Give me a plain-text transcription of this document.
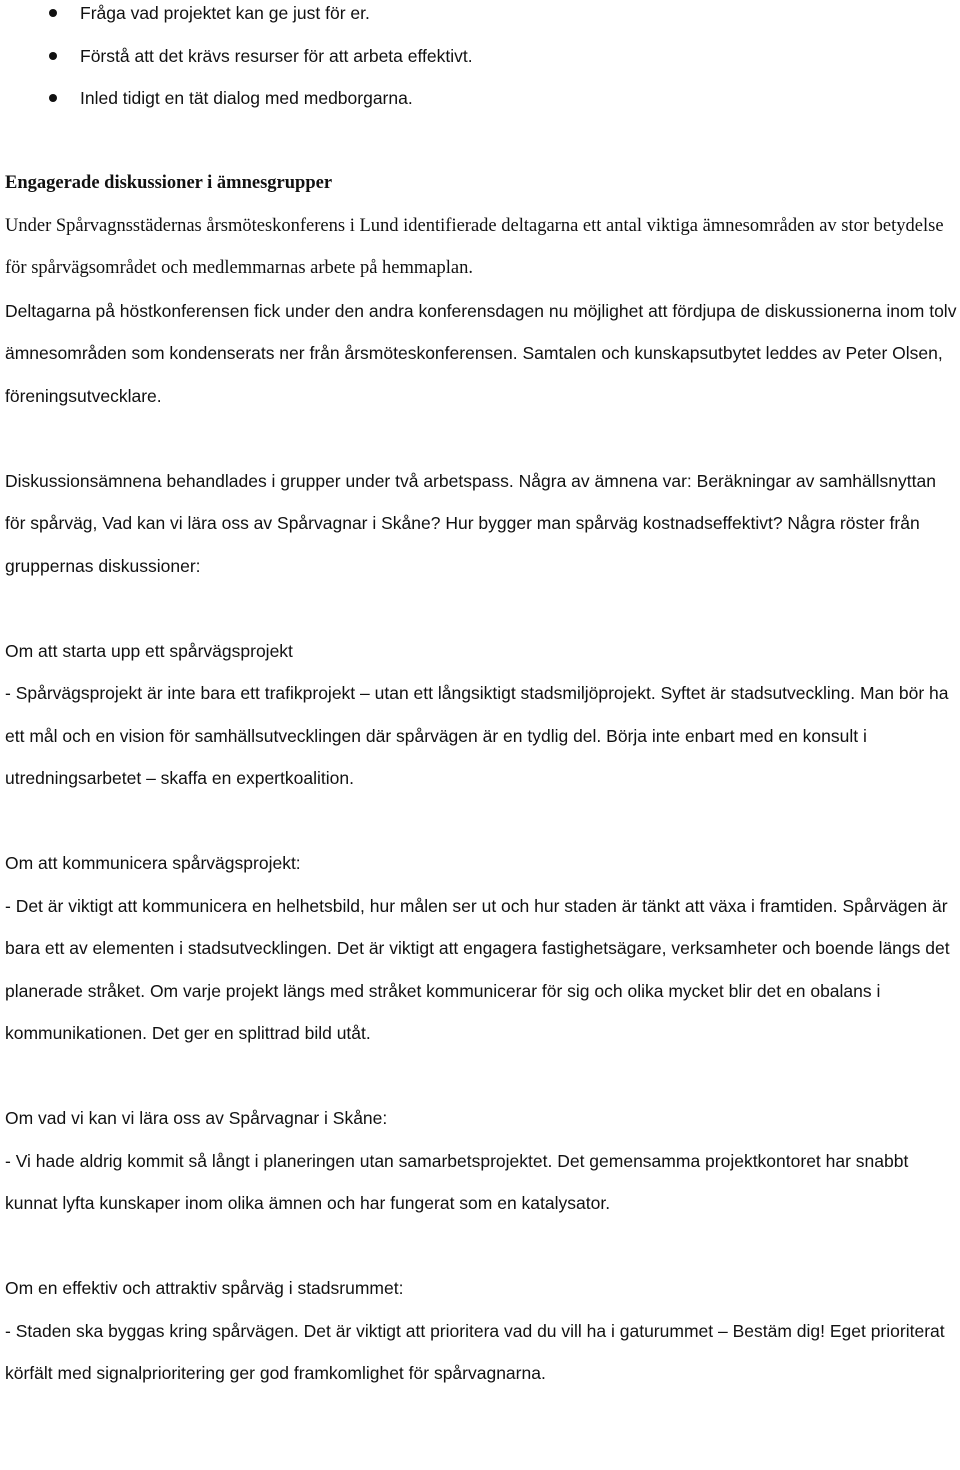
Fråga vad projektet kan ge just för er.
Förstå att det krävs resurser för att arbeta effektivt.
Inled tidigt en tät dialog med medborgarna.

Engagerade diskussioner i ämnesgrupper

Under Spårvagnsstädernas årsmöteskonferens i Lund identifierade deltagarna ett antal viktiga ämnesområden av stor betydelse för spårvägsområdet och medlemmarnas arbete på hemmaplan.

Deltagarna på höstkonferensen fick under den andra konferensdagen nu möjlighet att fördjupa de diskussionerna inom tolv ämnesområden som kondenserats ner från årsmöteskonferensen. Samtalen och kunskapsutbytet leddes av Peter Olsen, föreningsutvecklare.

Diskussionsämnena behandlades i grupper under två arbetspass. Några av ämnena var: Beräkningar av samhällsnyttan för spårväg, Vad kan vi lära oss av Spårvagnar i Skåne? Hur bygger man spårväg kostnadseffektivt? Några röster från gruppernas diskussioner:

Om att starta upp ett spårvägsprojekt

- Spårvägsprojekt är inte bara ett trafikprojekt – utan ett långsiktigt stadsmiljöprojekt. Syftet är stadsutveckling. Man bör ha ett mål och en vision för samhällsutvecklingen där spårvägen är en tydlig del. Börja inte enbart med en konsult i utredningsarbetet – skaffa en expertkoalition.

Om att kommunicera spårvägsprojekt:

- Det är viktigt att kommunicera en helhetsbild, hur målen ser ut och hur staden är tänkt att växa i framtiden. Spårvägen är bara ett av elementen i stadsutvecklingen. Det är viktigt att engagera fastighetsägare, verksamheter och boende längs det planerade stråket. Om varje projekt längs med stråket kommunicerar för sig och olika mycket blir det en obalans i kommunikationen. Det ger en splittrad bild utåt.

Om vad vi kan vi lära oss av Spårvagnar i Skåne:

- Vi hade aldrig kommit så långt i planeringen utan samarbetsprojektet. Det gemensamma projektkontoret har snabbt kunnat lyfta kunskaper inom olika ämnen och har fungerat som en katalysator.

Om en effektiv och attraktiv spårväg i stadsrummet:

- Staden ska byggas kring spårvägen. Det är viktigt att prioritera vad du vill ha i gaturummet – Bestäm dig! Eget prioriterat körfält med signalprioritering ger god framkomlighet för spårvagnarna.
